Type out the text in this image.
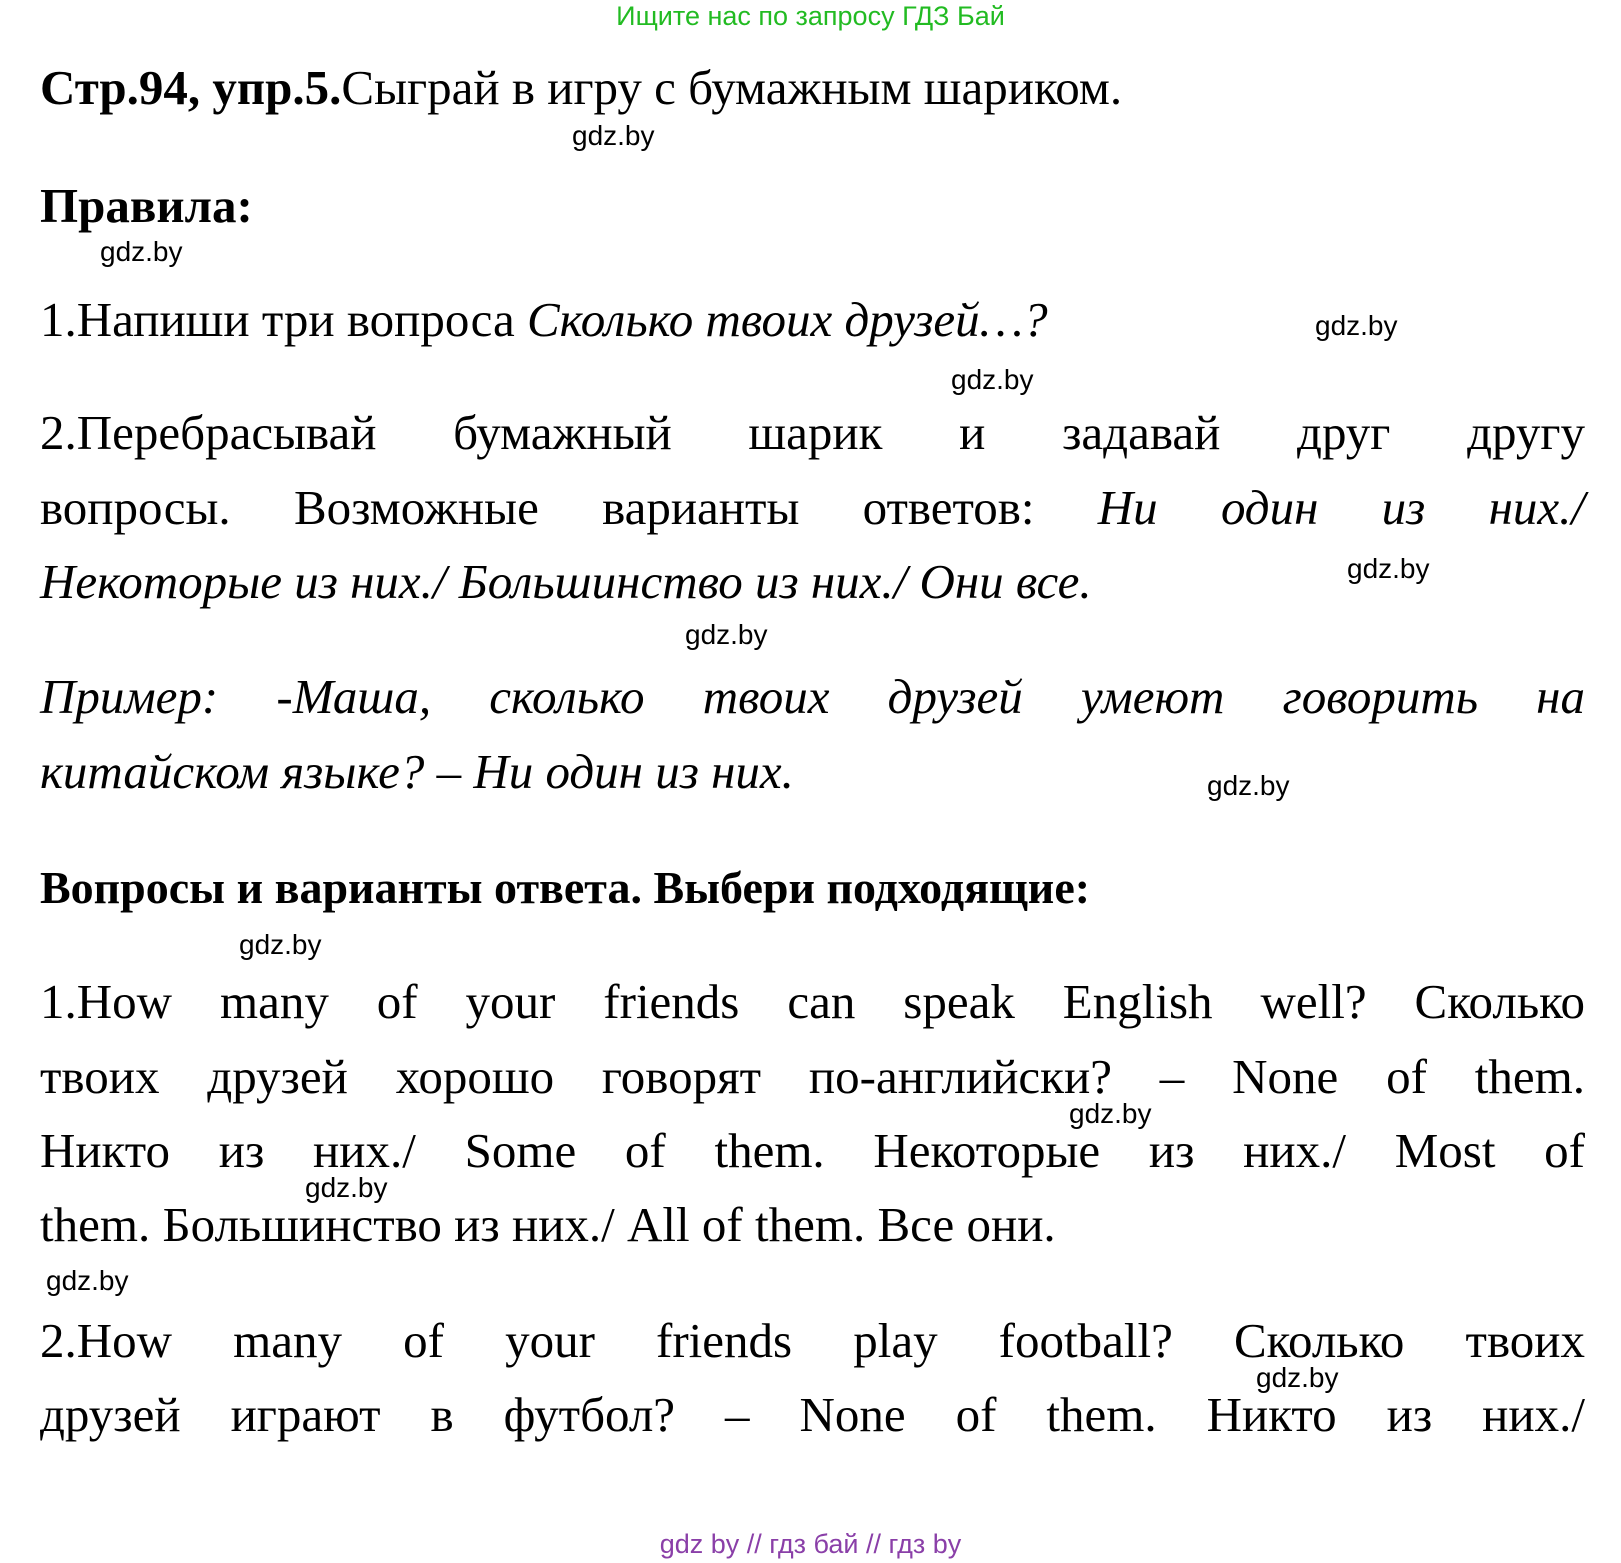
Ищите нас по запросу ГДЗ Бай
Стр.94, упр.5.Сыграй в игру с бумажным шариком.
Правила:
1.Напиши три вопроса Сколько твоих друзей…?
2.Перебрасывай бумажный шарик и задавай друг другу
вопросы. Возможные варианты ответов: Ни один из них./
Некоторые из них./ Большинство из них./ Они все.
Пример: -Маша, сколько твоих друзей умеют говорить на
китайском языке? – Ни один из них.
Вопросы и варианты ответа. Выбери подходящие:
1.How many of your friends can speak English well? Сколько
твоих друзей хорошо говорят по-английски? – None of them.
Никто из них./ Some of them. Некоторые из них./ Most of
them. Большинство из них./ All of them. Все они.
2.How many of your friends play football? Сколько твоих
друзей играют в футбол? – None of them. Никто из них./
gdz.by
gdz.by
gdz.by
gdz.by
gdz.by
gdz.by
gdz.by
gdz.by
gdz.by
gdz.by
gdz.by
gdz.by
gdz by // гдз бай // гдз by
